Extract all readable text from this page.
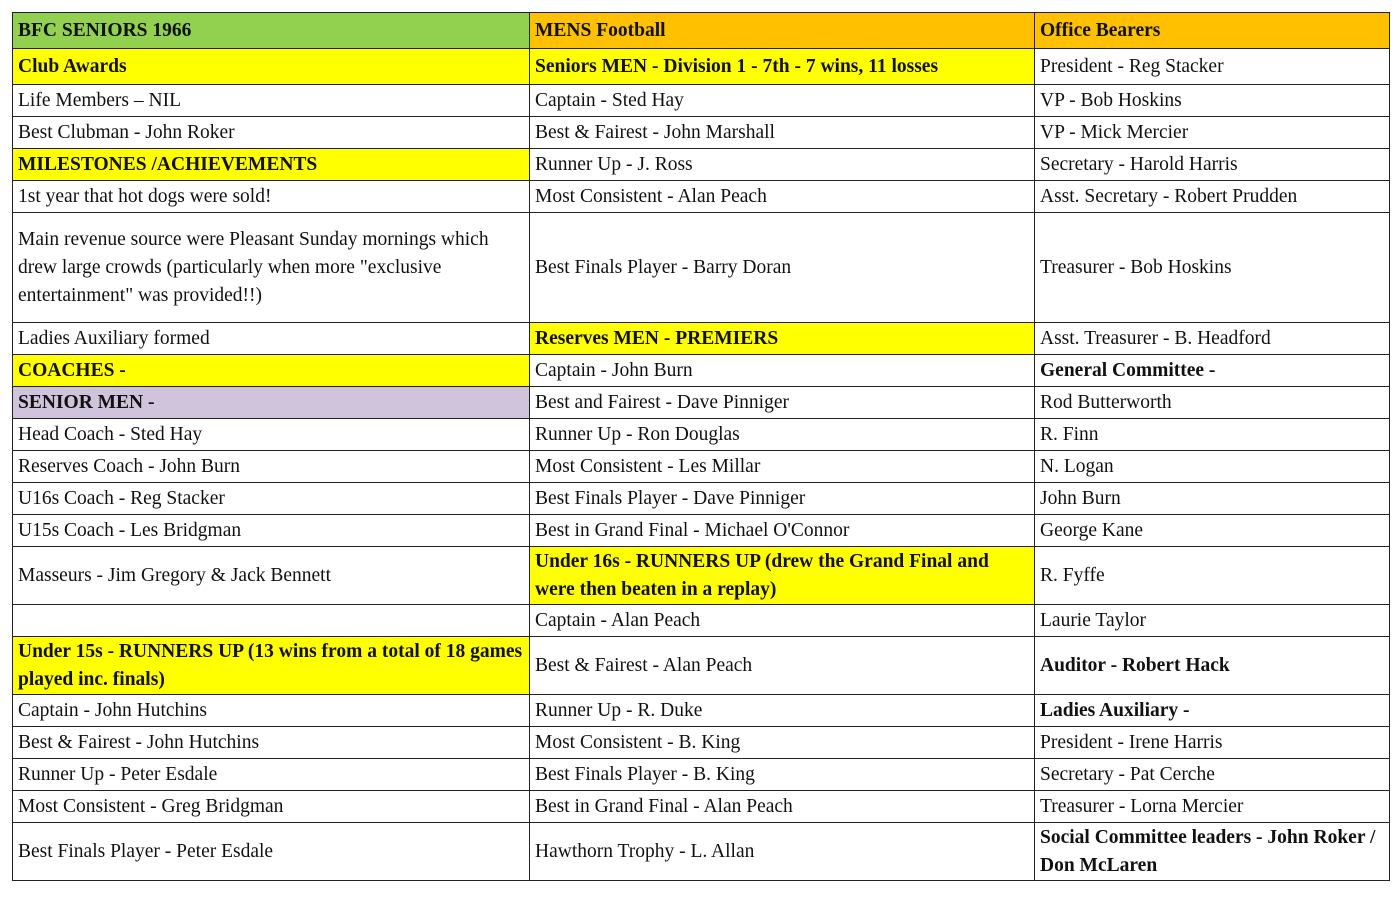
BFC SENIORS 1966	MENS Football	Office Bearers
Club Awards	Seniors MEN - Division 1 - 7th - 7 wins, 11 losses	President - Reg Stacker
Life Members – NIL	Captain - Sted Hay	VP - Bob Hoskins
Best Clubman - John Roker	Best & Fairest - John Marshall	VP - Mick Mercier
MILESTONES /ACHIEVEMENTS	Runner Up - J. Ross	Secretary - Harold Harris
1st year that hot dogs were sold!	Most Consistent - Alan Peach	Asst. Secretary - Robert Prudden
Main revenue source were Pleasant Sunday mornings which drew large crowds (particularly when more "exclusive entertainment" was provided!!)	Best Finals Player - Barry Doran	Treasurer - Bob Hoskins
Ladies Auxiliary formed	Reserves MEN - PREMIERS	Asst. Treasurer - B. Headford
COACHES -	Captain - John Burn	General Committee -
SENIOR MEN -	Best and Fairest - Dave Pinniger	Rod Butterworth
Head Coach - Sted Hay	Runner Up - Ron Douglas	R. Finn
Reserves Coach - John Burn	Most Consistent - Les Millar	N. Logan
U16s Coach - Reg Stacker	Best Finals Player - Dave Pinniger	John Burn
U15s Coach - Les Bridgman	Best in Grand Final - Michael O'Connor	George Kane
Masseurs - Jim Gregory & Jack Bennett	Under 16s - RUNNERS UP (drew the Grand Final and were then beaten in a replay)	R. Fyffe
	Captain - Alan Peach	Laurie Taylor
Under 15s - RUNNERS UP (13 wins from a total of 18 games played inc. finals)	Best & Fairest - Alan Peach	Auditor - Robert Hack
Captain - John Hutchins	Runner Up - R. Duke	Ladies Auxiliary -
Best & Fairest - John Hutchins	Most Consistent - B. King	President - Irene Harris
Runner Up - Peter Esdale	Best Finals Player - B. King	Secretary - Pat Cerche
Most Consistent - Greg Bridgman	Best in Grand Final - Alan Peach	Treasurer - Lorna Mercier
Best Finals Player - Peter Esdale	Hawthorn Trophy - L. Allan	Social Committee leaders - John Roker / Don McLaren
